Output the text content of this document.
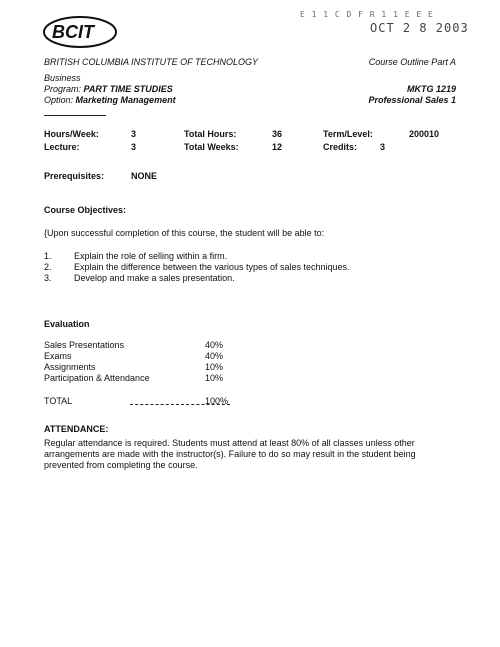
BCIT
E 1 1 C D F R 1 1 E E E
OCT 2 8 2003
BRITISH COLUMBIA INSTITUTE OF TECHNOLOGY	Course Outline Part A
Business
Program: PART TIME STUDIES
Option: Marketing Management
MKTG 1219
Professional Sales 1
Hours/Week:	3	Total Hours:	36	Term/Level:	200010
Lecture:	3	Total Weeks:	12	Credits:	3
Prerequisites:	NONE
Course Objectives:
{Upon successful completion of this course, the student will be able to:
1.	Explain the role of selling within a firm.
2.	Explain the difference between the various types of sales techniques.
3.	Develop and make a sales presentation.
Evaluation
Sales Presentations	40%
Exams	40%
Assignments	10%
Participation & Attendance	10%
TOTAL	100%
ATTENDANCE:
Regular attendance is required. Students must attend at least 80% of all classes unless other
arrangements are made with the instructor(s). Failure to do so may result in the student being
prevented from completing the course.
